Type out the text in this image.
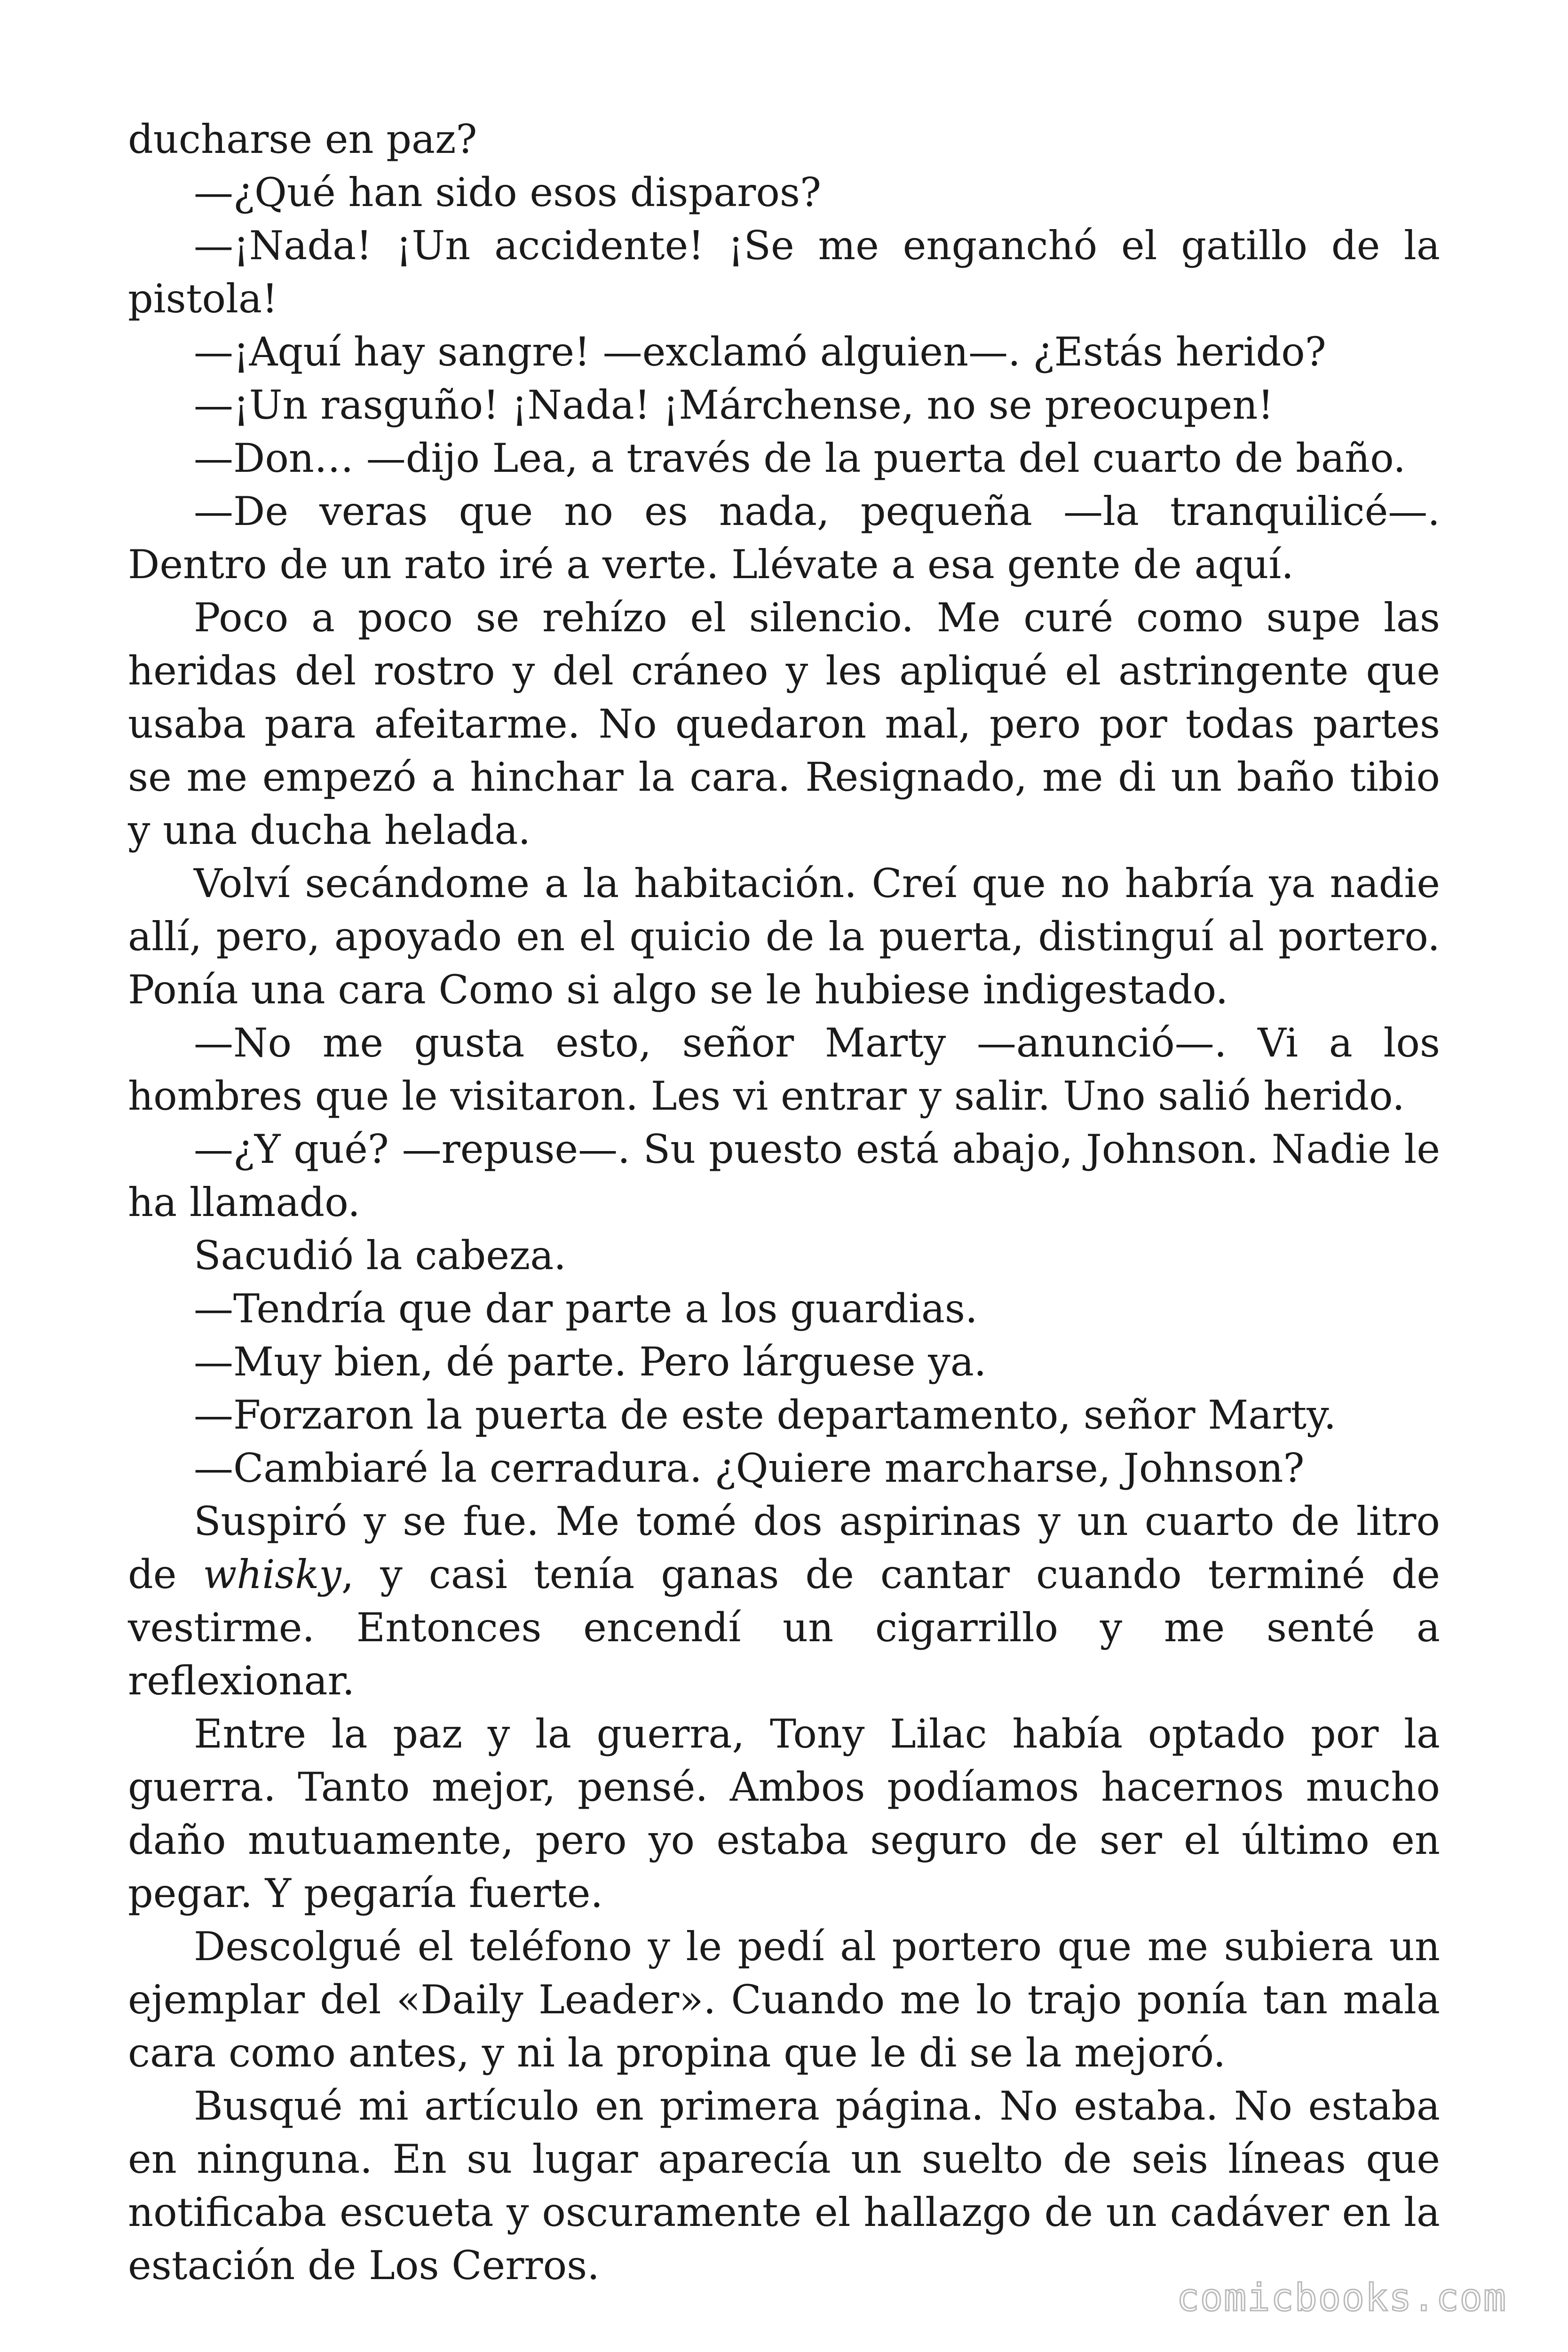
ducharse en paz?

—¿Qué han sido esos disparos?

—¡Nada! ¡Un accidente! ¡Se me enganchó el gatillo de la pistola!

—¡Aquí hay sangre! —exclamó alguien—. ¿Estás herido?

—¡Un rasguño! ¡Nada! ¡Márchense, no se preocupen!

—Don… —dijo Lea, a través de la puerta del cuarto de baño.

—De veras que no es nada, pequeña —la tranquilicé—. Dentro de un rato iré a verte. Llévate a esa gente de aquí.

Poco a poco se rehízo el silencio. Me curé como supe las heridas del rostro y del cráneo y les apliqué el astringente que usaba para afeitarme. No quedaron mal, pero por todas partes se me empezó a hinchar la cara. Resignado, me di un baño tibio y una ducha helada.

Volví secándome a la habitación. Creí que no habría ya nadie allí, pero, apoyado en el quicio de la puerta, distinguí al portero. Ponía una cara Como si algo se le hubiese indigestado.

—No me gusta esto, señor Marty —anunció—. Vi a los hombres que le visitaron. Les vi entrar y salir. Uno salió herido.

—¿Y qué? —repuse—. Su puesto está abajo, Johnson. Nadie le ha llamado.

Sacudió la cabeza.

—Tendría que dar parte a los guardias.

—Muy bien, dé parte. Pero lárguese ya.

—Forzaron la puerta de este departamento, señor Marty.

—Cambiaré la cerradura. ¿Quiere marcharse, Johnson?

Suspiró y se fue. Me tomé dos aspirinas y un cuarto de litro de whisky, y casi tenía ganas de cantar cuando terminé de vestirme. Entonces encendí un cigarrillo y me senté a reflexionar.

Entre la paz y la guerra, Tony Lilac había optado por la guerra. Tanto mejor, pensé. Ambos podíamos hacernos mucho daño mutuamente, pero yo estaba seguro de ser el último en pegar. Y pegaría fuerte.

Descolgué el teléfono y le pedí al portero que me subiera un ejemplar del «Daily Leader». Cuando me lo trajo ponía tan mala cara como antes, y ni la propina que le di se la mejoró.

Busqué mi artículo en primera página. No estaba. No estaba en ninguna. En su lugar aparecía un suelto de seis líneas que notificaba escueta y oscuramente el hallazgo de un cadáver en la estación de Los Cerros.

comicbooks.com
